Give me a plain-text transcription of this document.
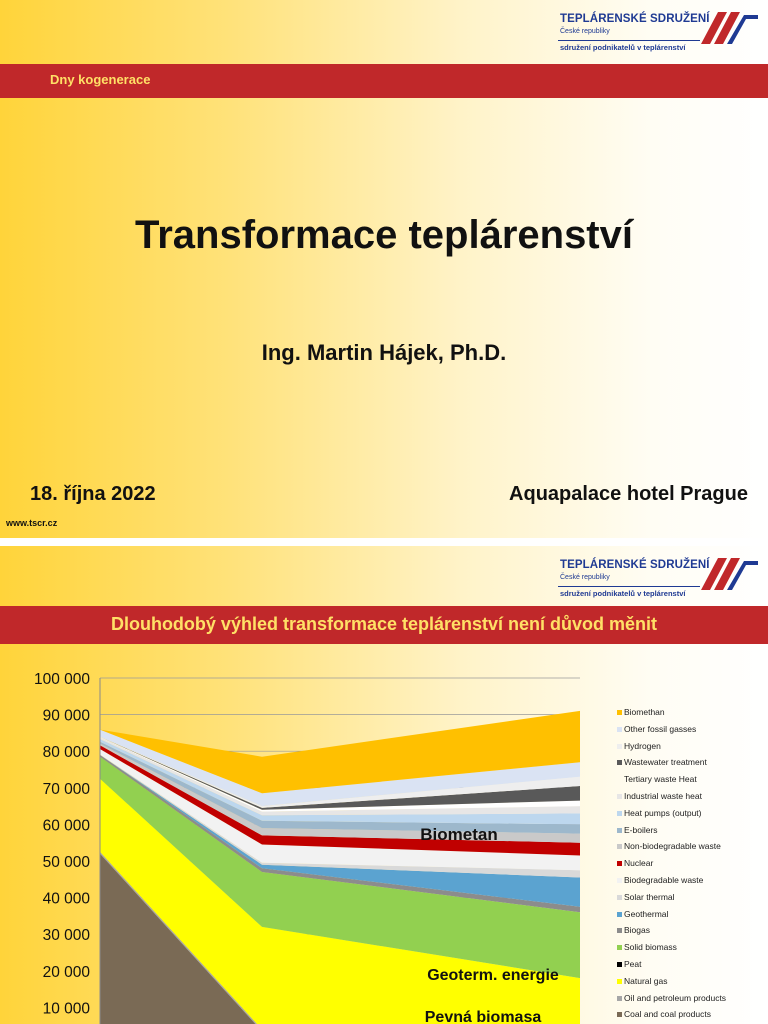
TEPLÁRENSKÉ SDRUŽENÍ
České republiky
sdružení podnikatelů v teplárenství
Dny kogenerace
Transformace teplárenství
Ing. Martin Hájek, Ph.D.
18. října 2022	Aquapalace hotel Prague
www.tscr.cz
TEPLÁRENSKÉ SDRUŽENÍ
České republiky
sdružení podnikatelů v teplárenství
Dlouhodobý výhled transformace teplárenství není důvod měnit
10 000
20 000
30 000
40 000
50 000
60 000
70 000
80 000
90 000
100 000
Biometan
Geoterm. energie
Pevná biomasa
Biomethan
Other fossil gasses
Hydrogen
Wastewater treatment
Tertiary waste Heat
Industrial waste heat
Heat pumps (output)
E-boilers
Non-biodegradable waste
Nuclear
Biodegradable waste
Solar thermal
Geothermal
Biogas
Solid biomass
Peat
Natural gas
Oil and petroleum products
Coal and coal products
